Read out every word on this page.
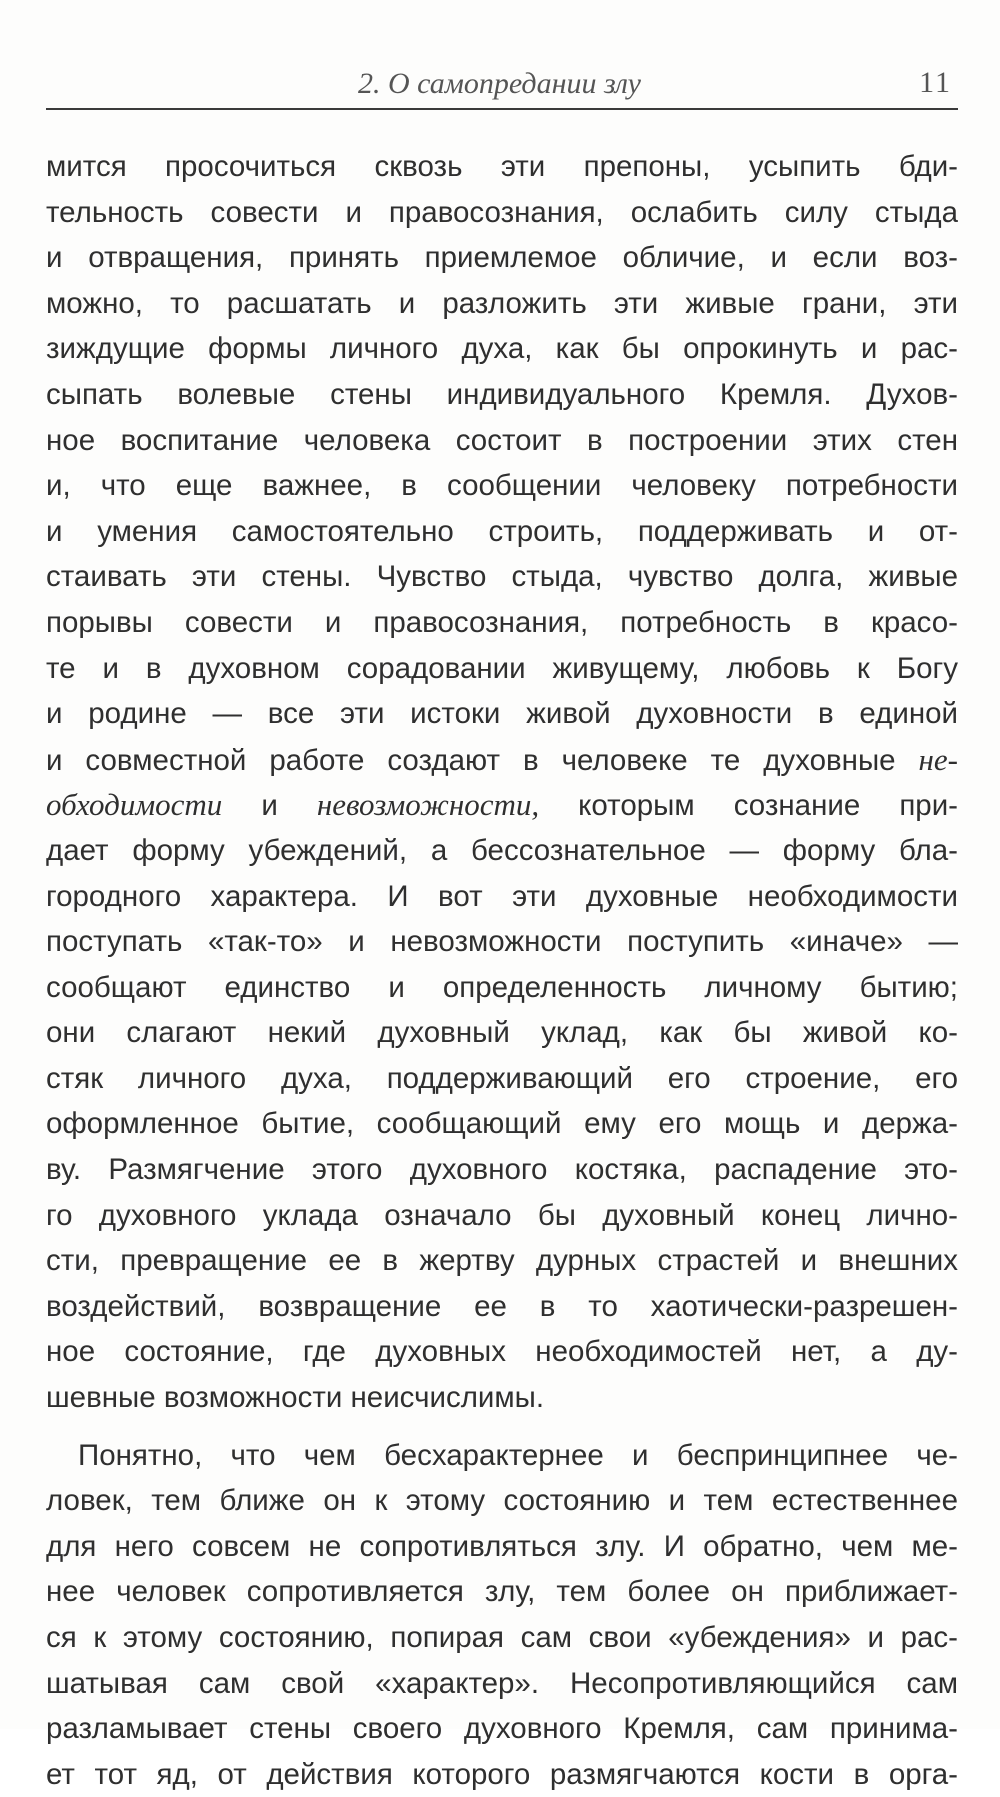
2. О самопредании злу	11
мится просочиться сквозь эти препоны, усыпить бди-
тельность совести и правосознания, ослабить силу стыда
и отвращения, принять приемлемое обличие, и если воз-
можно, то расшатать и разложить эти живые грани, эти
зиждущие формы личного духа, как бы опрокинуть и рас-
сыпать волевые стены индивидуального Кремля. Духов-
ное воспитание человека состоит в построении этих стен
и, что еще важнее, в сообщении человеку потребности
и умения самостоятельно строить, поддерживать и от-
стаивать эти стены. Чувство стыда, чувство долга, живые
порывы совести и правосознания, потребность в красо-
те и в духовном сорадовании живущему, любовь к Богу
и родине — все эти истоки живой духовности в единой
и совместной работе создают в человеке те духовные не-
обходимости и невозможности, которым сознание при-
дает форму убеждений, а бессознательное — форму бла-
городного характера. И вот эти духовные необходимости
поступать «так-то» и невозможности поступить «иначе» —
сообщают единство и определенность личному бытию;
они слагают некий духовный уклад, как бы живой ко-
стяк личного духа, поддерживающий его строение, его
оформленное бытие, сообщающий ему его мощь и держа-
ву. Размягчение этого духовного костяка, распадение это-
го духовного уклада означало бы духовный конец лично-
сти, превращение ее в жертву дурных страстей и внешних
воздействий, возвращение ее в то хаотически-разрешен-
ное состояние, где духовных необходимостей нет, а ду-
шевные возможности неисчислимы.
Понятно, что чем бесхарактернее и беспринципнее че-
ловек, тем ближе он к этому состоянию и тем естественнее
для него совсем не сопротивляться злу. И обратно, чем ме-
нее человек сопротивляется злу, тем более он приближает-
ся к этому состоянию, попирая сам свои «убеждения» и рас-
шатывая сам свой «характер». Несопротивляющийся сам
разламывает стены своего духовного Кремля, сам принима-
ет тот яд, от действия которого размягчаются кости в орга-
